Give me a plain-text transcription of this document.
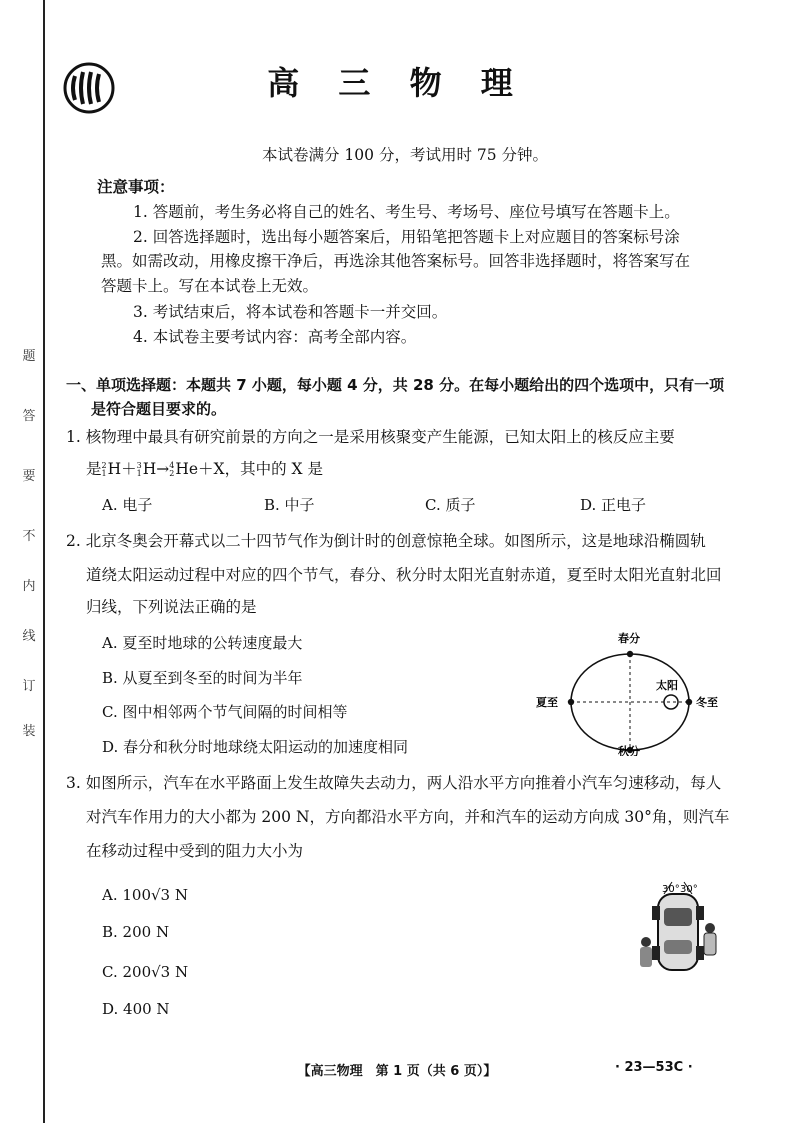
题
答
要
不
内
线
订
装
高 三 物 理
本试卷满分 100 分，考试用时 75 分钟。
注意事项：
1. 答题前，考生务必将自己的姓名、考生号、考场号、座位号填写在答题卡上。
2. 回答选择题时，选出每小题答案后，用铅笔把答题卡上对应题目的答案标号涂
黑。如需改动，用橡皮擦干净后，再选涂其他答案标号。回答非选择题时，将答案写在
答题卡上。写在本试卷上无效。
3. 考试结束后，将本试卷和答题卡一并交回。
4. 本试卷主要考试内容：高考全部内容。
一、单项选择题：本题共 7 小题，每小题 4 分，共 28 分。在每小题给出的四个选项中，只有一项
是符合题目要求的。
1. 核物理中最具有研究前景的方向之一是采用核聚变产生能源，已知太阳上的核反应主要
是2
1H＋3
1H→4
2He＋X，其中的 X 是
A. 电子	B. 中子	C. 质子	D. 正电子
2. 北京冬奥会开幕式以二十四节气作为倒计时的创意惊艳全球。如图所示，这是地球沿椭圆轨
道绕太阳运动过程中对应的四个节气，春分、秋分时太阳光直射赤道，夏至时太阳光直射北回
归线，下列说法正确的是
A. 夏至时地球的公转速度最大
B. 从夏至到冬至的时间为半年
C. 图中相邻两个节气间隔的时间相等
D. 春分和秋分时地球绕太阳运动的加速度相同
春分
秋分
夏至	冬至
太阳
3. 如图所示，汽车在水平路面上发生故障失去动力，两人沿水平方向推着小汽车匀速移动，每人
对汽车作用力的大小都为 200 N，方向都沿水平方向，并和汽车的运动方向成 30°角，则汽车
在移动过程中受到的阻力大小为
A. 100√3 N
B. 200 N
C. 200√3 N
D. 400 N
30° 30°
【高三物理　第 1 页（共 6 页）】	· 23—53C ·
